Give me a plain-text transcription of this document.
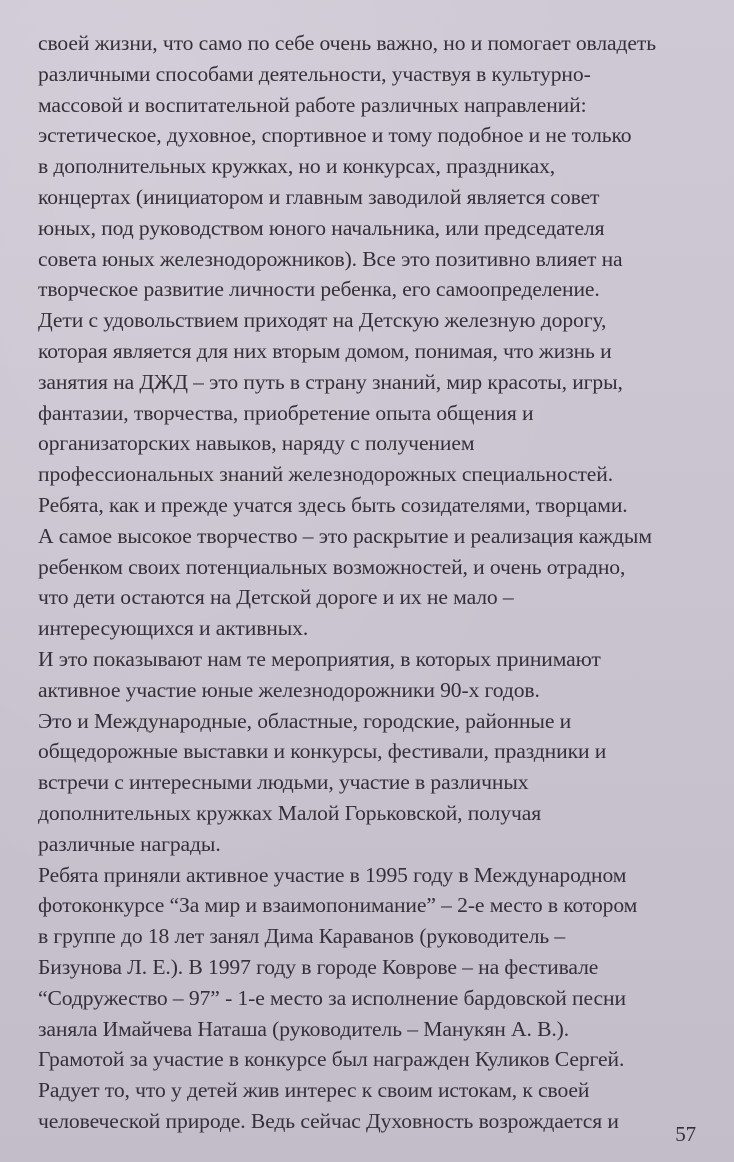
своей жизни, что само по себе очень важно, но и помогает овладеть
различными способами деятельности, участвуя в культурно-
массовой и воспитательной работе различных направлений:
эстетическое, духовное, спортивное и тому подобное и не только
в дополнительных кружках, но и конкурсах, праздниках,
концертах (инициатором и главным заводилой является совет
юных, под руководством юного начальника, или председателя
совета юных железнодорожников). Все это позитивно влияет на
творческое развитие личности ребенка, его самоопределение.
Дети с удовольствием приходят на Детскую железную дорогу,
которая является для них вторым домом, понимая, что жизнь и
занятия на ДЖД – это путь в страну знаний, мир красоты, игры,
фантазии, творчества, приобретение опыта общения и
организаторских навыков, наряду с получением
профессиональных знаний железнодорожных специальностей.
Ребята, как и прежде учатся здесь быть созидателями, творцами.
А самое высокое творчество – это раскрытие и реализация каждым
ребенком своих потенциальных возможностей, и очень отрадно,
что дети остаются на Детской дороге и их не мало –
интересующихся и активных.
И это показывают нам те мероприятия, в которых принимают
активное участие юные железнодорожники 90-х годов.
Это и Международные, областные, городские, районные и
общедорожные выставки и конкурсы, фестивали, праздники и
встречи с интересными людьми, участие в различных
дополнительных кружках Малой Горьковской, получая
различные награды.
Ребята приняли активное участие в 1995 году в Международном
фотоконкурсе “За мир и взаимопонимание” – 2-е место в котором
в группе до 18 лет занял Дима Караванов (руководитель –
Бизунова Л. Е.). В 1997 году в городе Коврове – на фестивале
“Содружество – 97” - 1-е место за исполнение бардовской песни
заняла Имайчева Наташа (руководитель – Манукян А. В.).
Грамотой за участие в конкурсе был награжден Куликов Сергей.
Радует то, что у детей жив интерес к своим истокам, к своей
человеческой природе. Ведь сейчас Духовность возрождается и
57
